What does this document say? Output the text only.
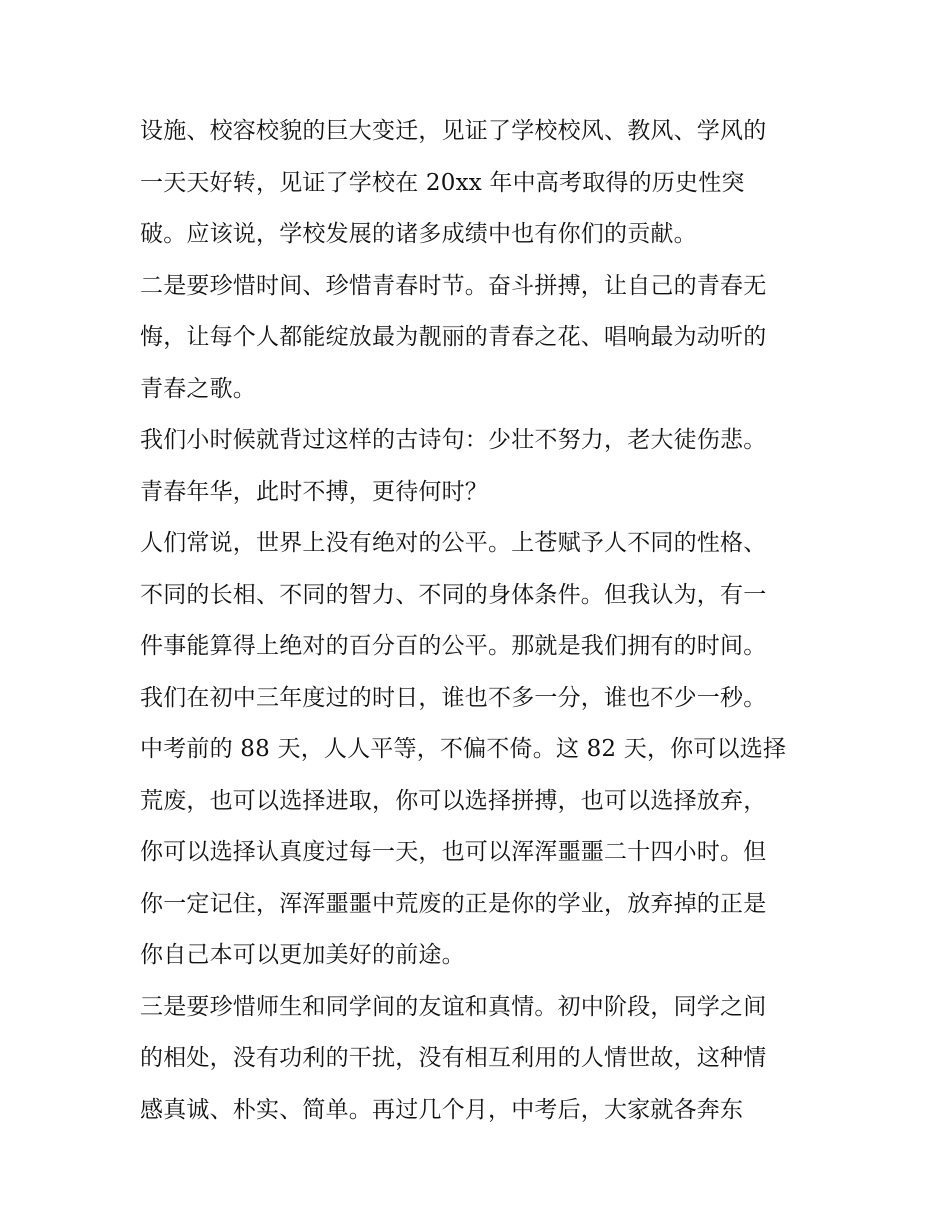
设施、校容校貌的巨大变迁，见证了学校校风、教风、学风的
一天天好转，见证了学校在 20xx 年中高考取得的历史性突
破。应该说，学校发展的诸多成绩中也有你们的贡献。
二是要珍惜时间、珍惜青春时节。奋斗拼搏，让自己的青春无
悔，让每个人都能绽放最为靓丽的青春之花、唱响最为动听的
青春之歌。
我们小时候就背过这样的古诗句：少壮不努力，老大徒伤悲。
青春年华，此时不搏，更待何时？
人们常说，世界上没有绝对的公平。上苍赋予人不同的性格、
不同的长相、不同的智力、不同的身体条件。但我认为，有一
件事能算得上绝对的百分百的公平。那就是我们拥有的时间。
我们在初中三年度过的时日，谁也不多一分，谁也不少一秒。
中考前的 88 天，人人平等，不偏不倚。这 82 天，你可以选择
荒废，也可以选择进取，你可以选择拼搏，也可以选择放弃，
你可以选择认真度过每一天，也可以浑浑噩噩二十四小时。但
你一定记住，浑浑噩噩中荒废的正是你的学业，放弃掉的正是
你自己本可以更加美好的前途。
三是要珍惜师生和同学间的友谊和真情。初中阶段，同学之间
的相处，没有功利的干扰，没有相互利用的人情世故，这种情
感真诚、朴实、简单。再过几个月，中考后，大家就各奔东
